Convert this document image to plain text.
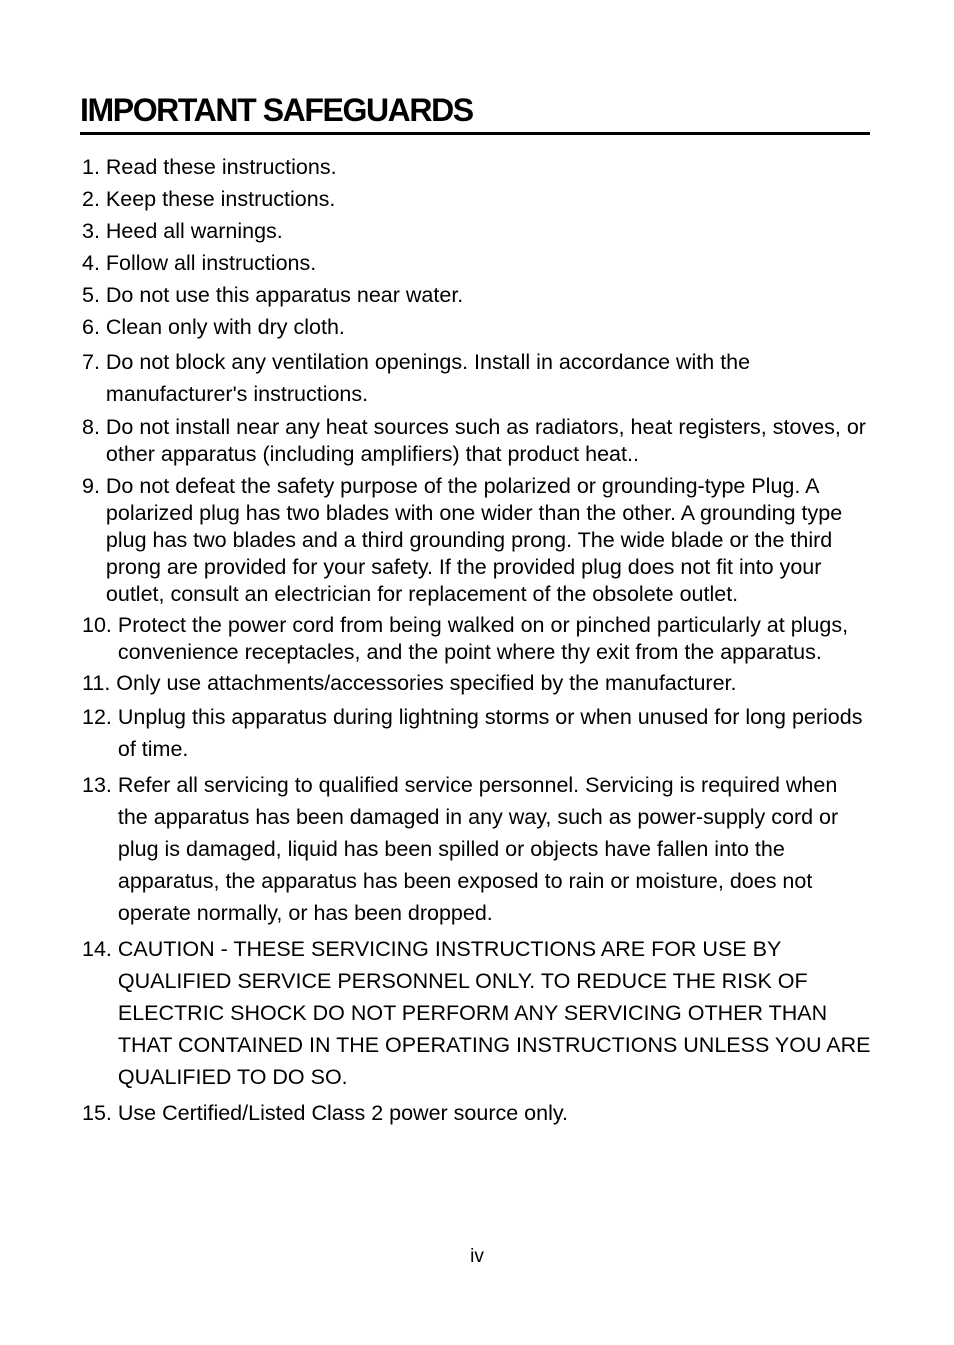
IMPORTANT SAFEGUARDS
1. Read these instructions.
2. Keep these instructions.
3. Heed all warnings.
4. Follow all instructions.
5. Do not use this apparatus near water.
6. Clean only with dry cloth.
7. Do not block any ventilation openings. Install in accordance with the manufacturer's instructions.
8. Do not install near any heat sources such as radiators, heat registers, stoves, or other apparatus (including amplifiers) that product heat..
9. Do not defeat the safety purpose of the polarized or grounding-type Plug. A polarized plug has two blades with one wider than the other. A grounding type plug has two blades and a third grounding prong. The wide blade or the third prong are provided for your safety. If the provided plug does not fit into your outlet, consult an electrician for replacement of the obsolete outlet.
10. Protect the power cord from being walked on or pinched particularly at plugs, convenience receptacles, and the point where thy exit from the apparatus.
11. Only use attachments/accessories specified by the manufacturer.
12. Unplug this apparatus during lightning storms or when unused for long periods of time.
13. Refer all servicing to qualified service personnel. Servicing is required when the apparatus has been damaged in any way, such as power-supply cord or plug is damaged, liquid has been spilled or objects have fallen into the apparatus, the apparatus has been exposed to rain or moisture, does not operate normally, or has been dropped.
14. CAUTION - THESE SERVICING INSTRUCTIONS ARE FOR USE BY QUALIFIED SERVICE PERSONNEL ONLY. TO REDUCE THE RISK OF ELECTRIC SHOCK DO NOT PERFORM ANY SERVICING OTHER THAN THAT CONTAINED IN THE OPERATING INSTRUCTIONS UNLESS YOU ARE QUALIFIED TO DO SO.
15. Use Certified/Listed Class 2 power source only.
iv
